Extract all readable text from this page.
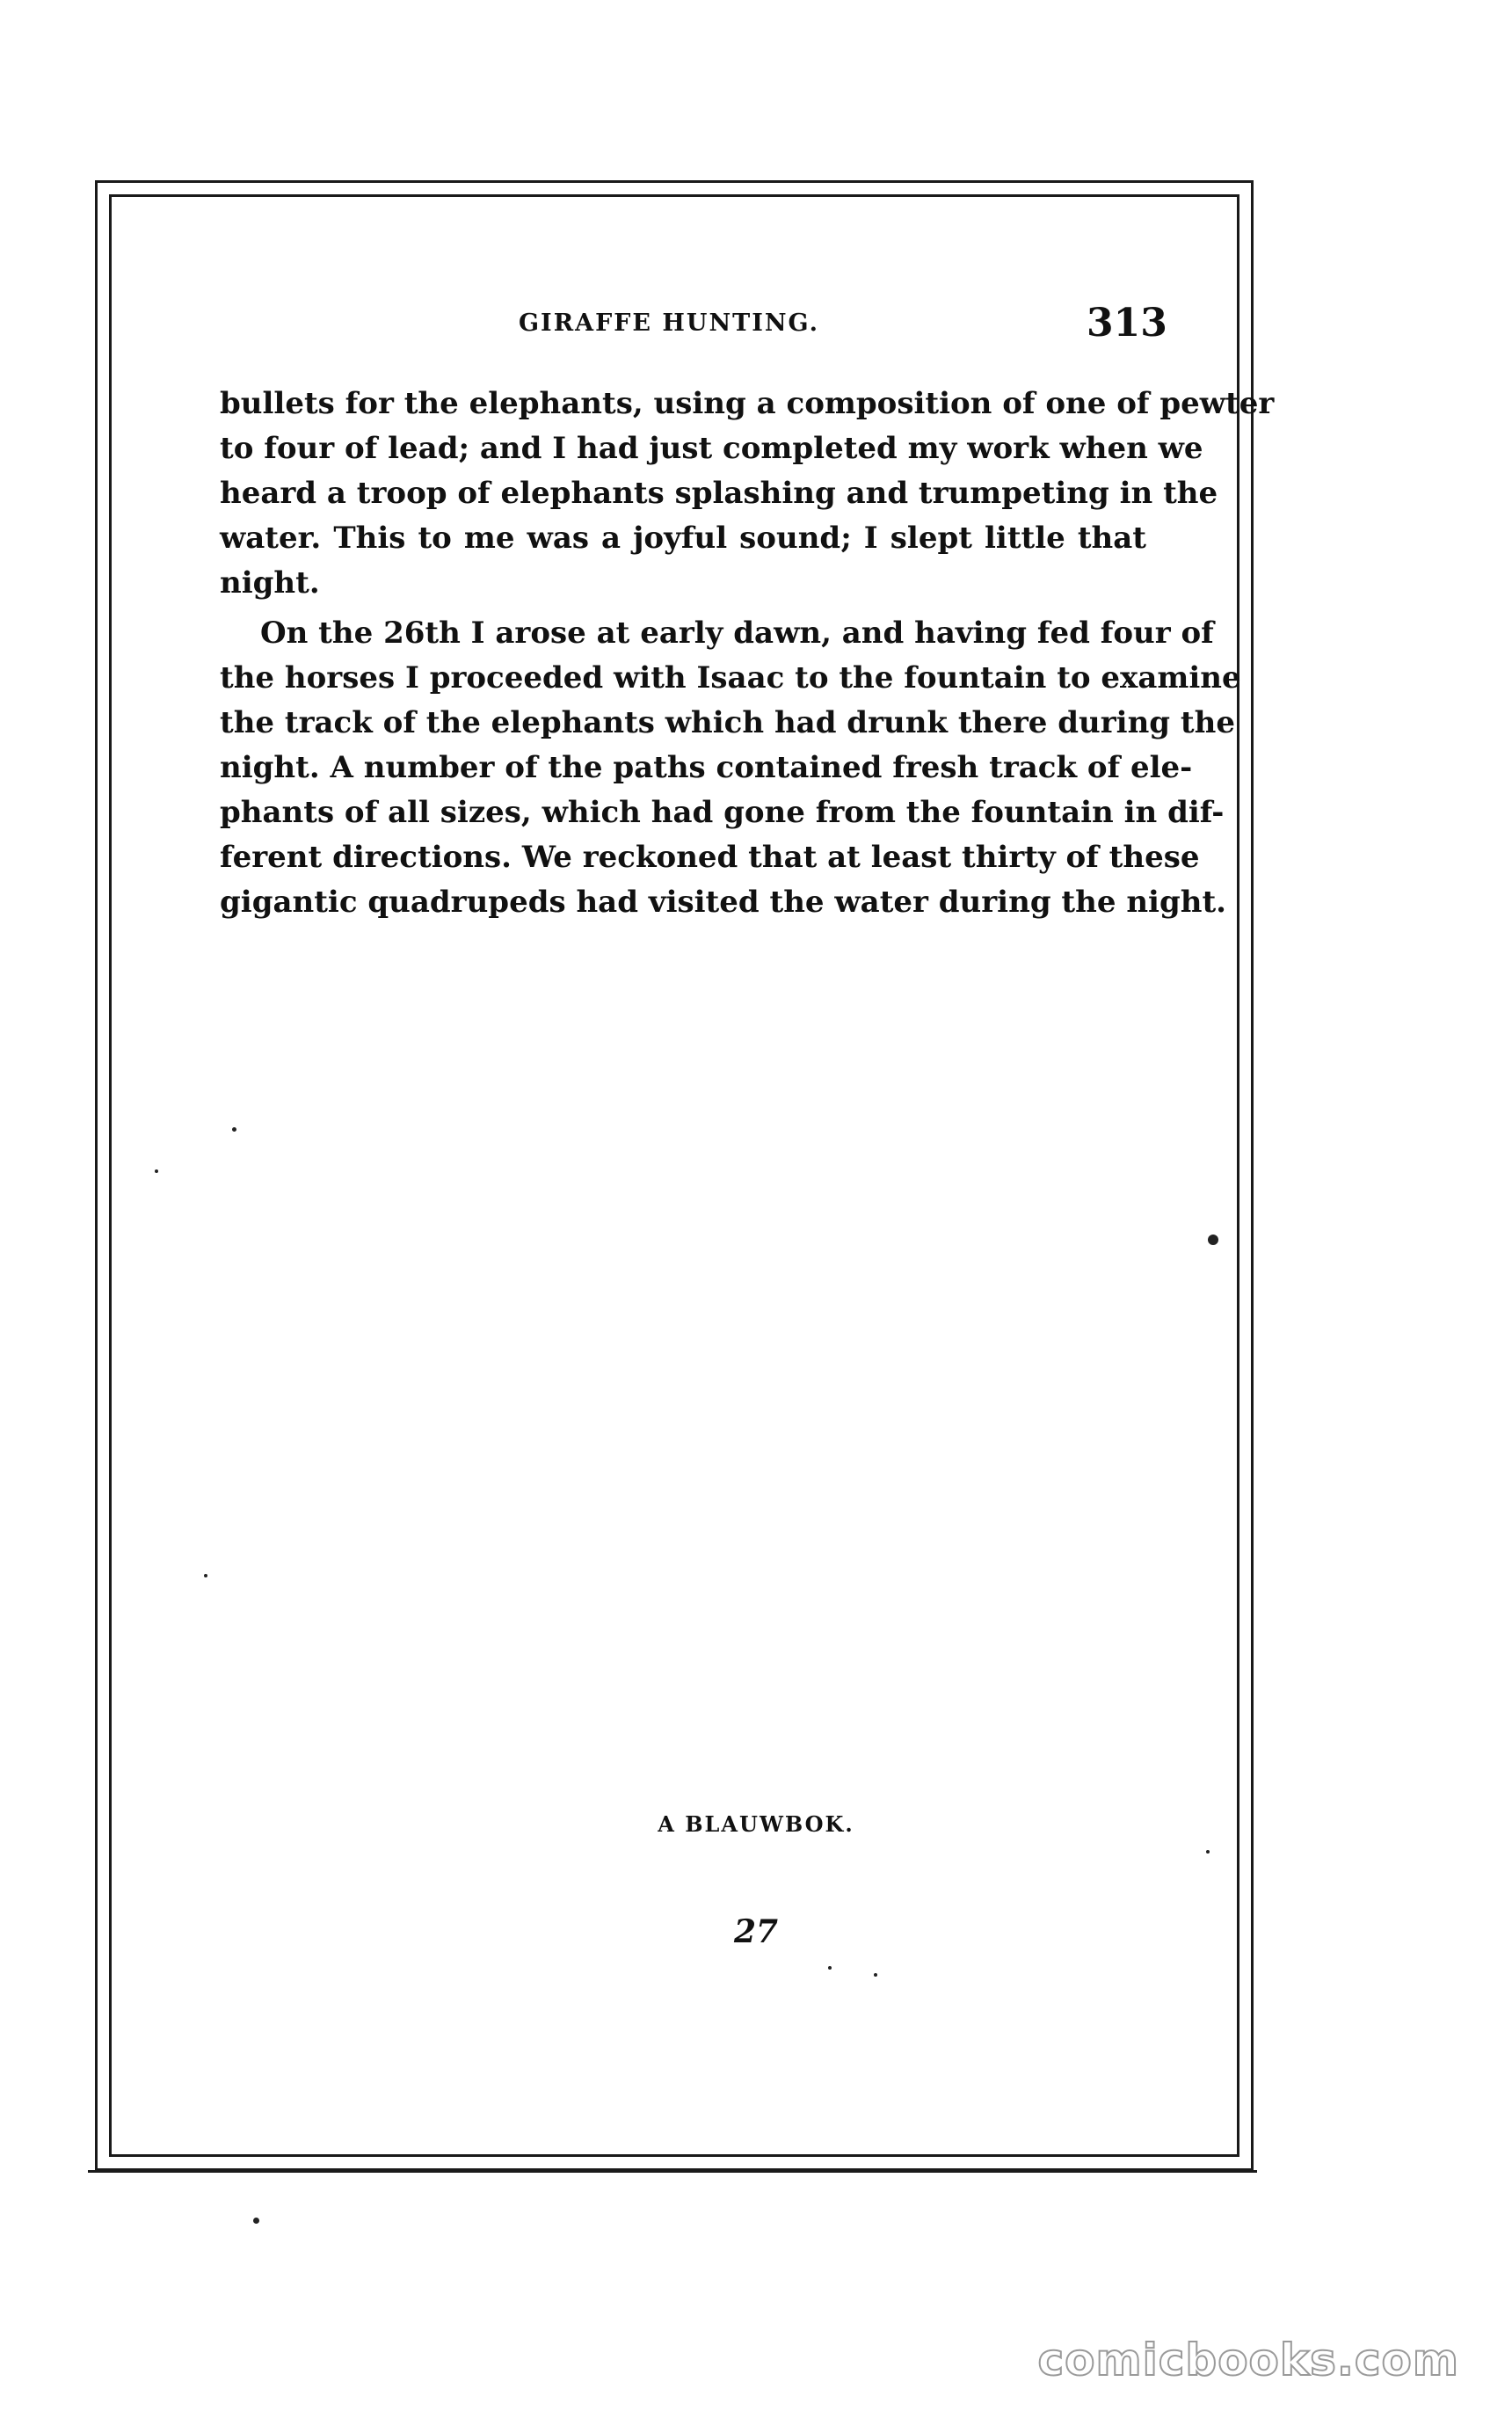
GIRAFFE HUNTING.	313
bullets for the elephants, using a composition of one of pewter
to four of lead; and I had just completed my work when we
heard a troop of elephants splashing and trumpeting in the
water. This to me was a joyful sound; I slept little that
night.
On the 26th I arose at early dawn, and having fed four of
the horses I proceeded with Isaac to the fountain to examine
the track of the elephants which had drunk there during the
night. A number of the paths contained fresh track of ele-
phants of all sizes, which had gone from the fountain in dif-
ferent directions. We reckoned that at least thirty of these
gigantic quadrupeds had visited the water during the night.
A BLAUWBOK.
27
comicbooks.com
